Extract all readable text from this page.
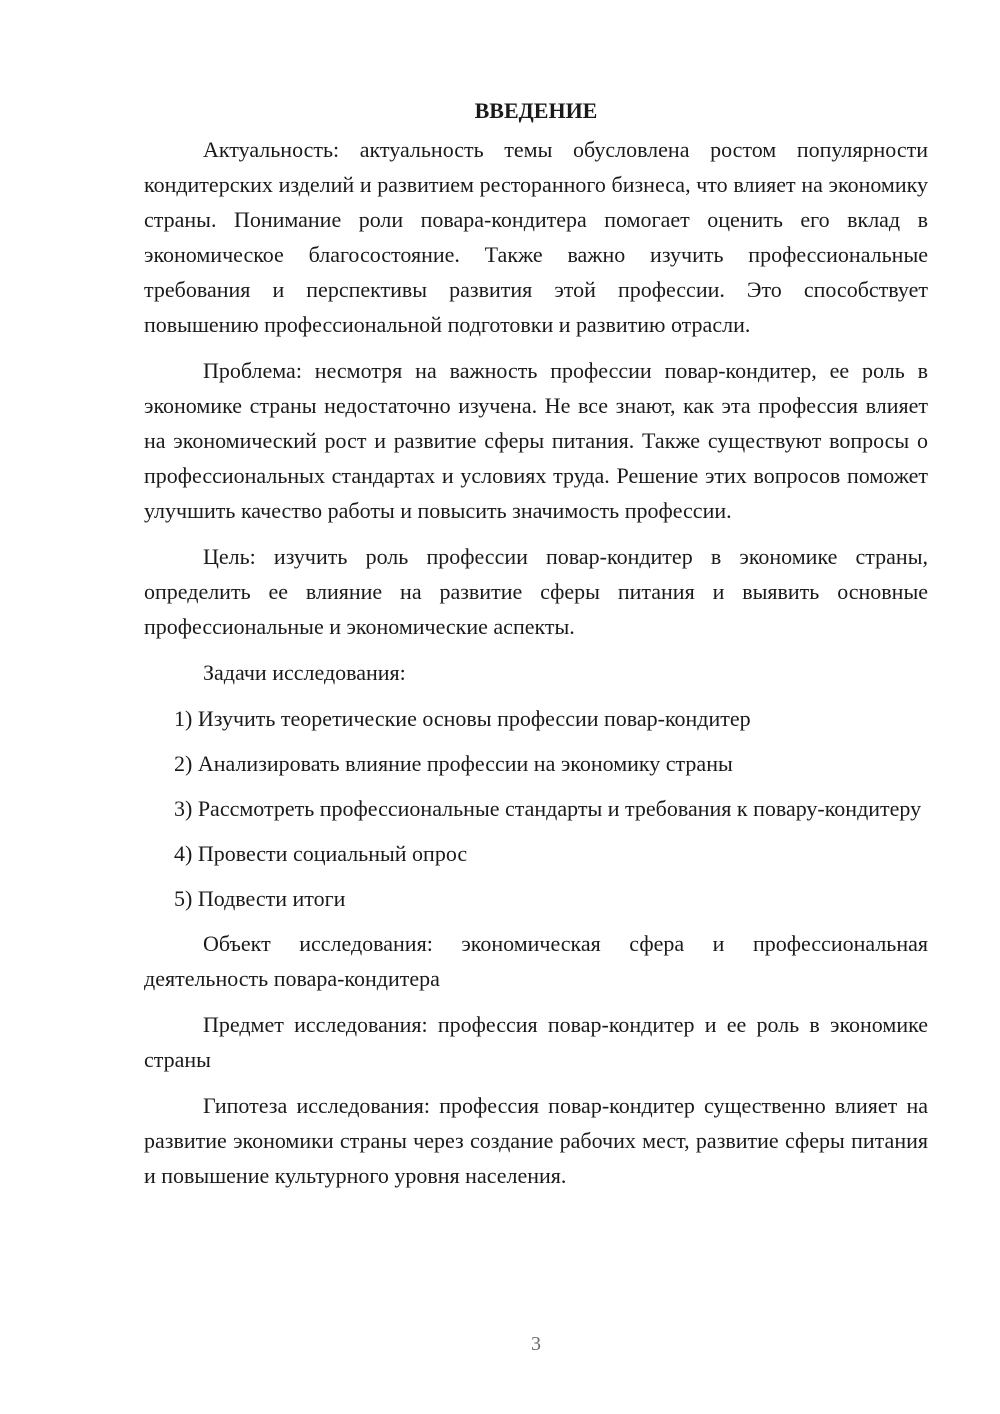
ВВЕДЕНИЕ

Актуальность: актуальность темы обусловлена ростом популярности кондитерских изделий и развитием ресторанного бизнеса, что влияет на экономику страны. Понимание роли повара-кондитера помогает оценить его вклад в экономическое благосостояние. Также важно изучить профессиональные требования и перспективы развития этой профессии. Это способствует повышению профессиональной подготовки и развитию отрасли.

Проблема: несмотря на важность профессии повар-кондитер, ее роль в экономике страны недостаточно изучена. Не все знают, как эта профессия влияет на экономический рост и развитие сферы питания. Также существуют вопросы о профессиональных стандартах и условиях труда. Решение этих вопросов поможет улучшить качество работы и повысить значимость профессии.

Цель: изучить роль профессии повар-кондитер в экономике страны, определить ее влияние на развитие сферы питания и выявить основные профессиональные и экономические аспекты.

Задачи исследования:

1) Изучить теоретические основы профессии повар-кондитер

2) Анализировать влияние профессии на экономику страны

3) Рассмотреть профессиональные стандарты и требования к повару-кондитеру

4) Провести социальный опрос

5) Подвести итоги

Объект исследования: экономическая сфера и профессиональная деятельность повара-кондитера

Предмет исследования: профессия повар-кондитер и ее роль в экономике страны

Гипотеза исследования: профессия повар-кондитер существенно влияет на развитие экономики страны через создание рабочих мест, развитие сферы питания и повышение культурного уровня населения.

3
